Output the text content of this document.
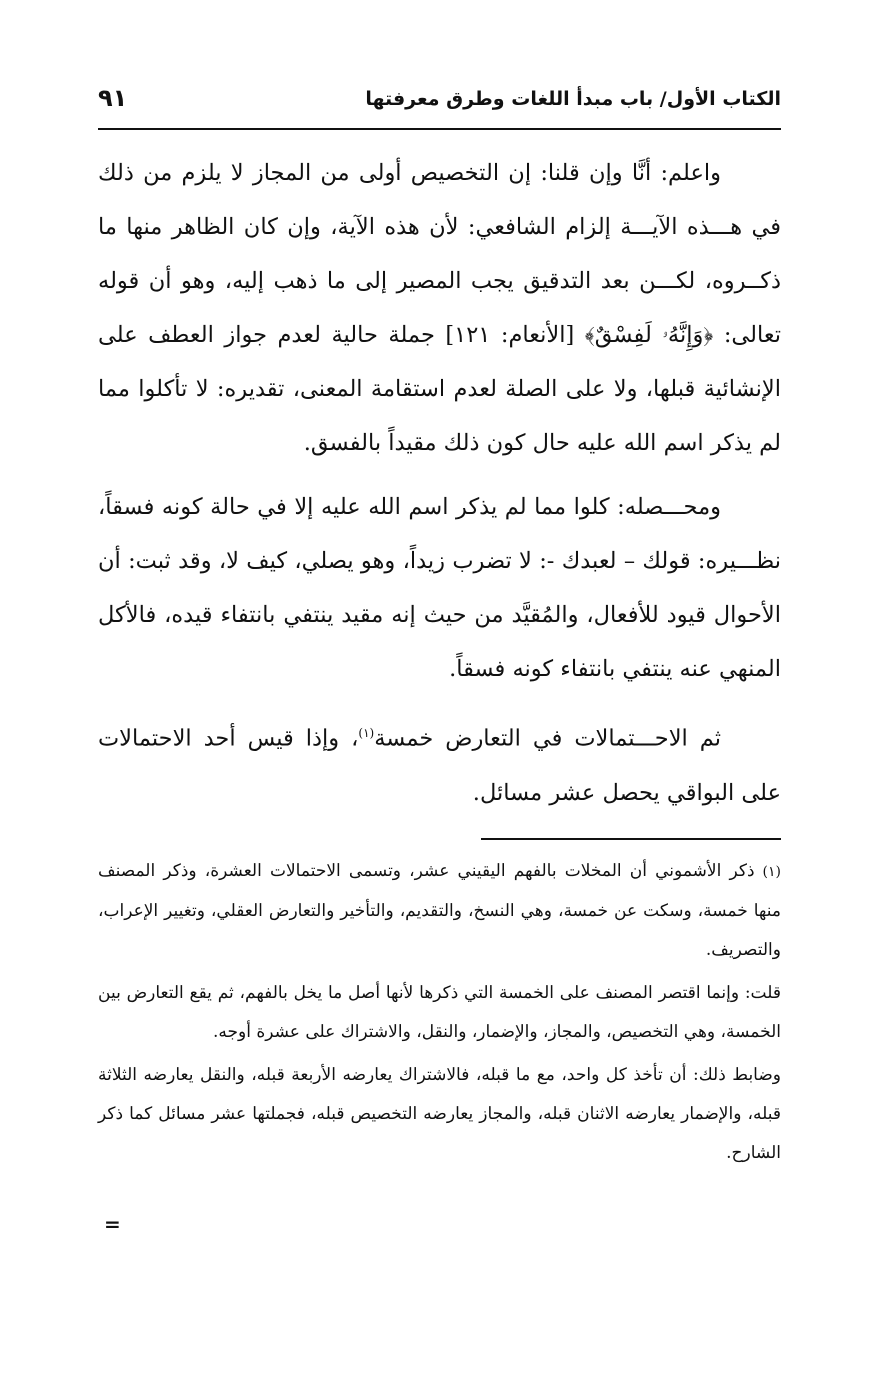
الكتاب الأول/ باب مبدأ اللغات وطرق معرفتها
٩١

واعلم: أنَّا وإن قلنا: إن التخصيص أولى من المجاز لا يلزم من ذلك في هـــذه الآيـــة إلزام الشافعي: لأن هذه الآية، وإن كان الظاهر منها ما ذكــروه، لكـــن بعد التدقيق يجب المصير إلى ما ذهب إليه، وهو أن قوله تعالى: ﴿وَإِنَّهُۥ لَفِسْقٌ﴾ [الأنعام: ١٢١] جملة حالية لعدم جواز العطف على الإنشائية قبلها، ولا على الصلة لعدم استقامة المعنى، تقديره: لا تأكلوا مما لم يذكر اسم الله عليه حال كون ذلك مقيداً بالفسق.

ومحـــصله: كلوا مما لم يذكر اسم الله عليه إلا في حالة كونه فسقاً، نظـــيره: قولك – لعبدك -: لا تضرب زيداً، وهو يصلي، كيف لا، وقد ثبت: أن الأحوال قيود للأفعال، والمُقيَّد من حيث إنه مقيد ينتفي بانتفاء قيده، فالأكل المنهي عنه ينتفي بانتفاء كونه فسقاً.

ثم الاحـــتمالات في التعارض خمسة$^{(١)}$، وإذا قيس أحد الاحتمالات على البواقي يحصل عشر مسائل.

(١)ذكر الأشموني أن المخلات بالفهم اليقيني عشر، وتسمى الاحتمالات العشرة، وذكر المصنف منها خمسة، وسكت عن خمسة، وهي النسخ، والتقديم، والتأخير والتعارض العقلي، وتغيير الإعراب، والتصريف.

قلت: وإنما اقتصر المصنف على الخمسة التي ذكرها لأنها أصل ما يخل بالفهم، ثم يقع التعارض بين الخمسة، وهي التخصيص، والمجاز، والإضمار، والنقل، والاشتراك على عشرة أوجه.

وضابط ذلك: أن تأخذ كل واحد، مع ما قبله، فالاشتراك يعارضه الأربعة قبله، والنقل يعارضه الثلاثة قبله، والإضمار يعارضه الاثنان قبله، والمجاز يعارضه التخصيص قبله، فجملتها عشر مسائل كما ذكر الشارح.

=
